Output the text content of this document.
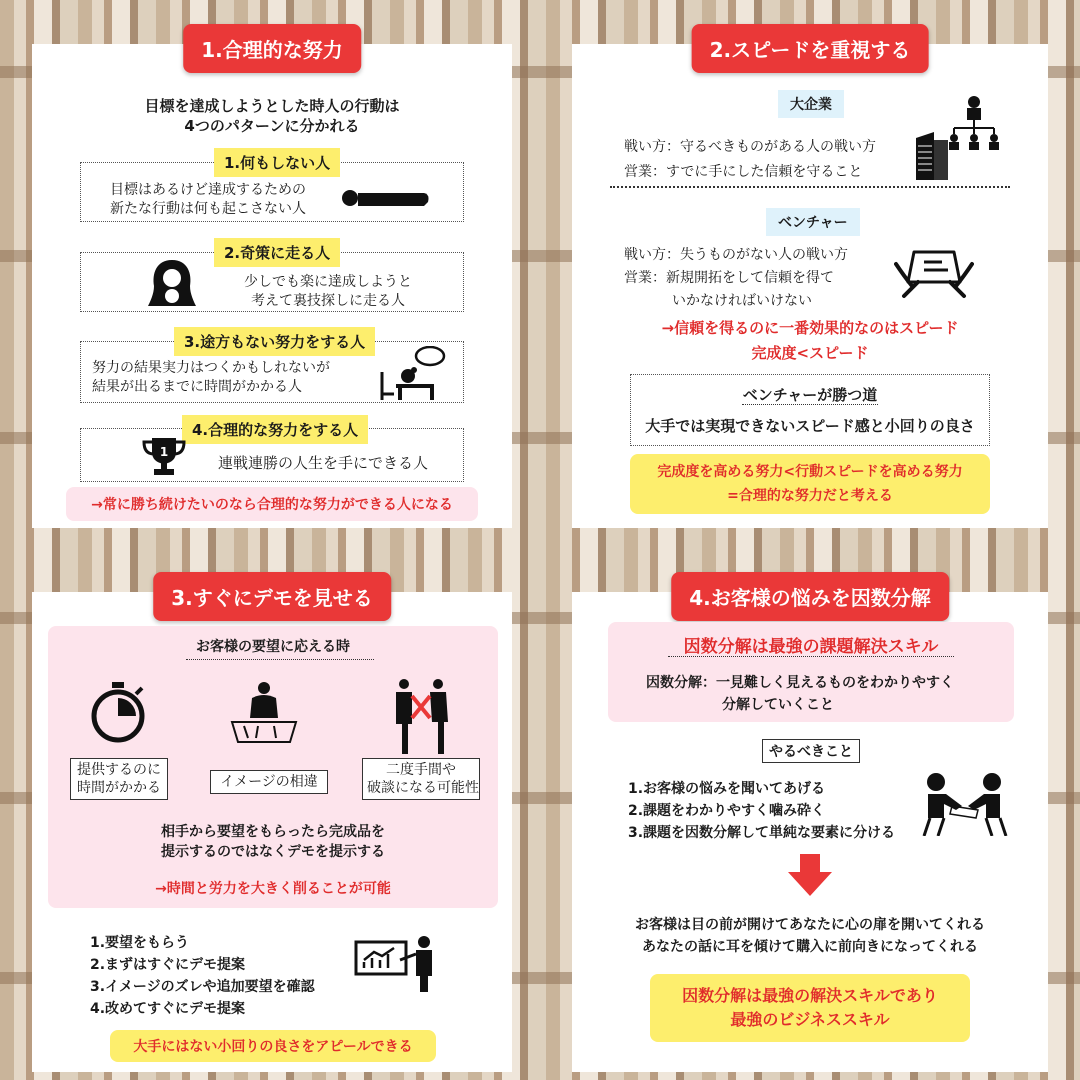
1.合理的な努力
目標を達成しようとした時人の行動は
4つのパターンに分かれる
1.何もしない人
目標はあるけど達成するための
新たな行動は何も起こさない人
2.奇策に走る人
少しでも楽に達成しようと
考えて裏技探しに走る人
3.途方もない努力をする人
努力の結果実力はつくかもしれないが
結果が出るまでに時間がかかる人
4.合理的な努力をする人
連戦連勝の人生を手にできる人
1
→常に勝ち続けたいのなら合理的な努力ができる人になる
2.スピードを重視する
大企業
戦い方：守るべきものがある人の戦い方
営業：すでに手にした信頼を守ること
ベンチャー
戦い方：失うものがない人の戦い方
営業：新規開拓をして信頼を得て
いかなければいけない
→信頼を得るのに一番効果的なのはスピード
完成度<スピード
ベンチャーが勝つ道
大手では実現できないスピード感と小回りの良さ
完成度を高める努力<行動スピードを高める努力
=合理的な努力だと考える
3.すぐにデモを見せる
お客様の要望に応える時
提供するのに
時間がかかる	イメージの相違
二度手間や
破談になる可能性
相手から要望をもらったら完成品を
提示するのではなくデモを提示する
→時間と労力を大きく削ることが可能
1.要望をもらう
2.まずはすぐにデモ提案
3.イメージのズレや追加要望を確認
4.改めてすぐにデモ提案
大手にはない小回りの良さをアピールできる
4.お客様の悩みを因数分解
因数分解は最強の課題解決スキル
因数分解：一見難しく見えるものをわかりやすく
分解していくこと
やるべきこと
1.お客様の悩みを聞いてあげる
2.課題をわかりやすく噛み砕く
3.課題を因数分解して単純な要素に分ける
お客様は目の前が開けてあなたに心の扉を開いてくれる
あなたの話に耳を傾けて購入に前向きになってくれる
因数分解は最強の解決スキルであり
最強のビジネススキル
